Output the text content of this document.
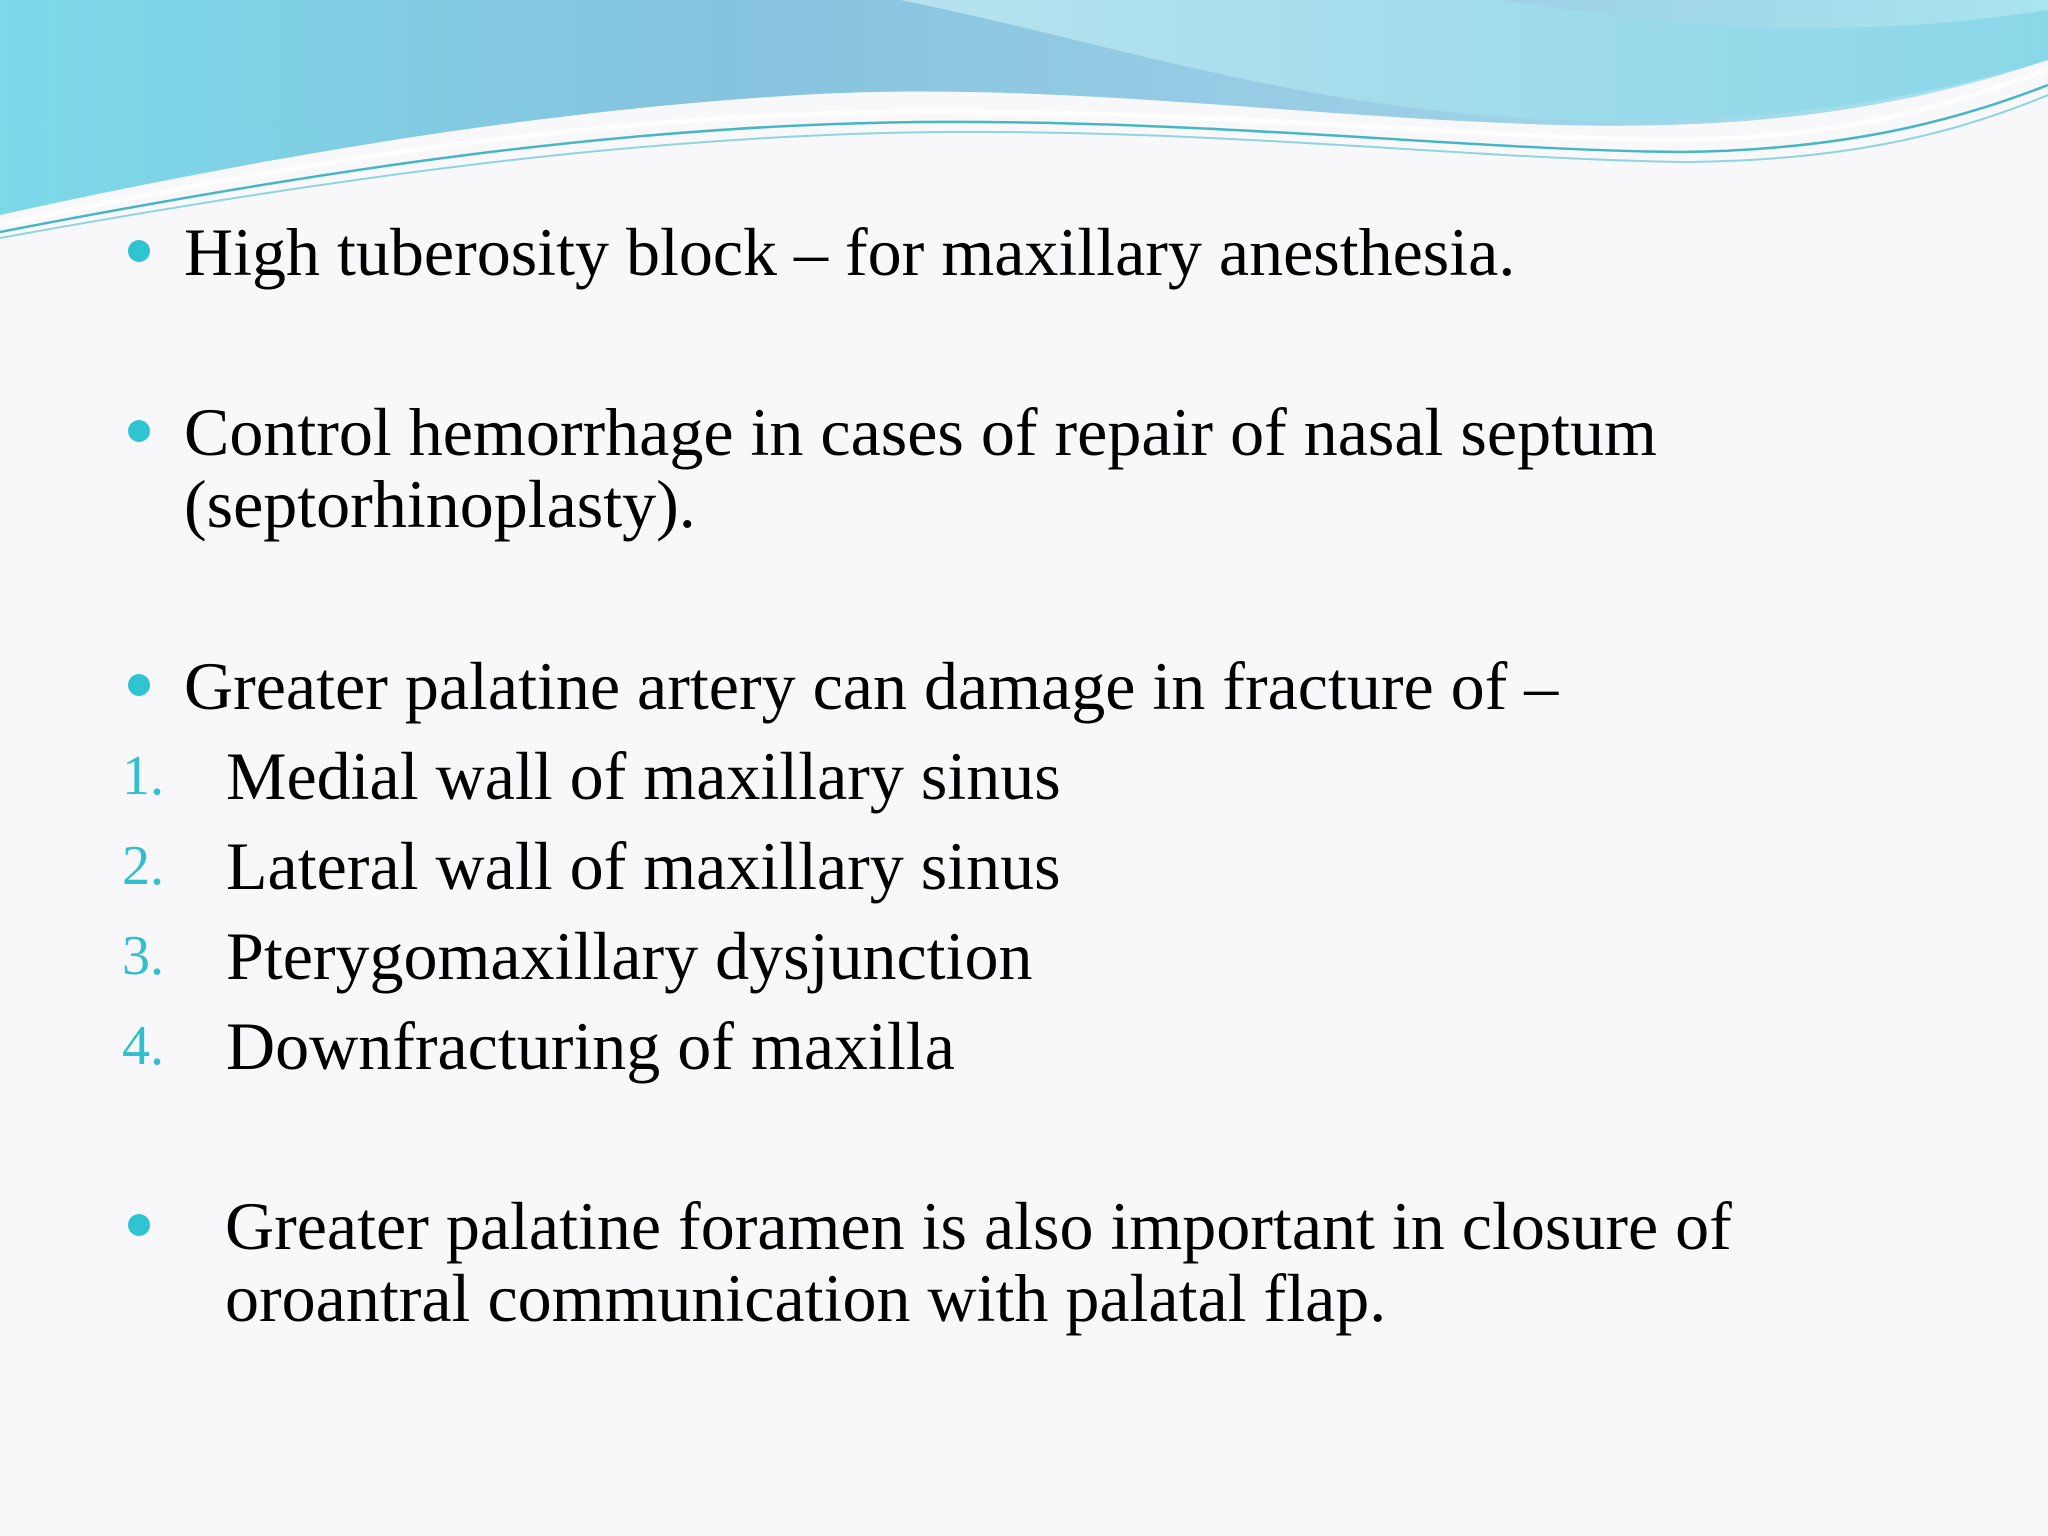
High tuberosity block – for maxillary anesthesia.
Control hemorrhage in cases of repair of nasal septum
(septorhinoplasty).
Greater palatine artery can damage in fracture of –
1. Medial wall of maxillary sinus
2. Lateral wall of maxillary sinus
3. Pterygomaxillary dysjunction
4. Downfracturing of maxilla
Greater palatine foramen is also important in closure of
oroantral communication with palatal flap.
